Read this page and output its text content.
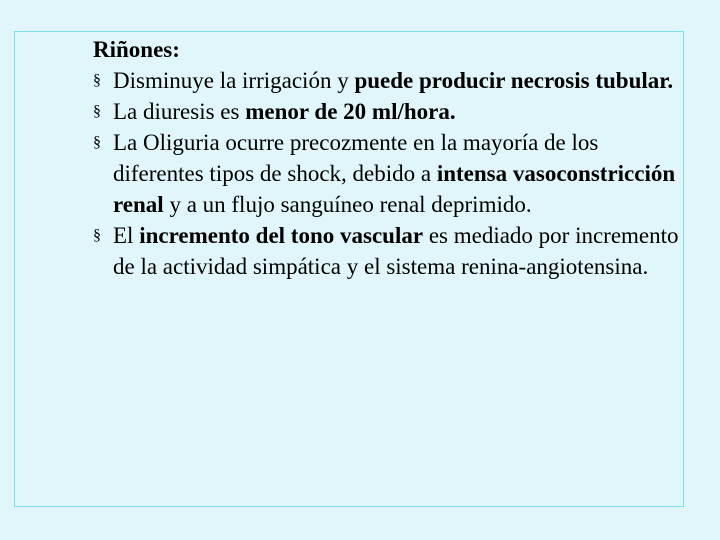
Riñones:

§ Disminuye la irrigación y puede producir necrosis tubular.
§ La diuresis es menor de 20 ml/hora.
§ La Oliguria ocurre precozmente en la mayoría de los diferentes tipos de shock, debido a intensa vasoconstricción renal y a un flujo sanguíneo renal deprimido.
§ El incremento del tono vascular es mediado por incremento de la actividad simpática y el sistema renina-angiotensina.
